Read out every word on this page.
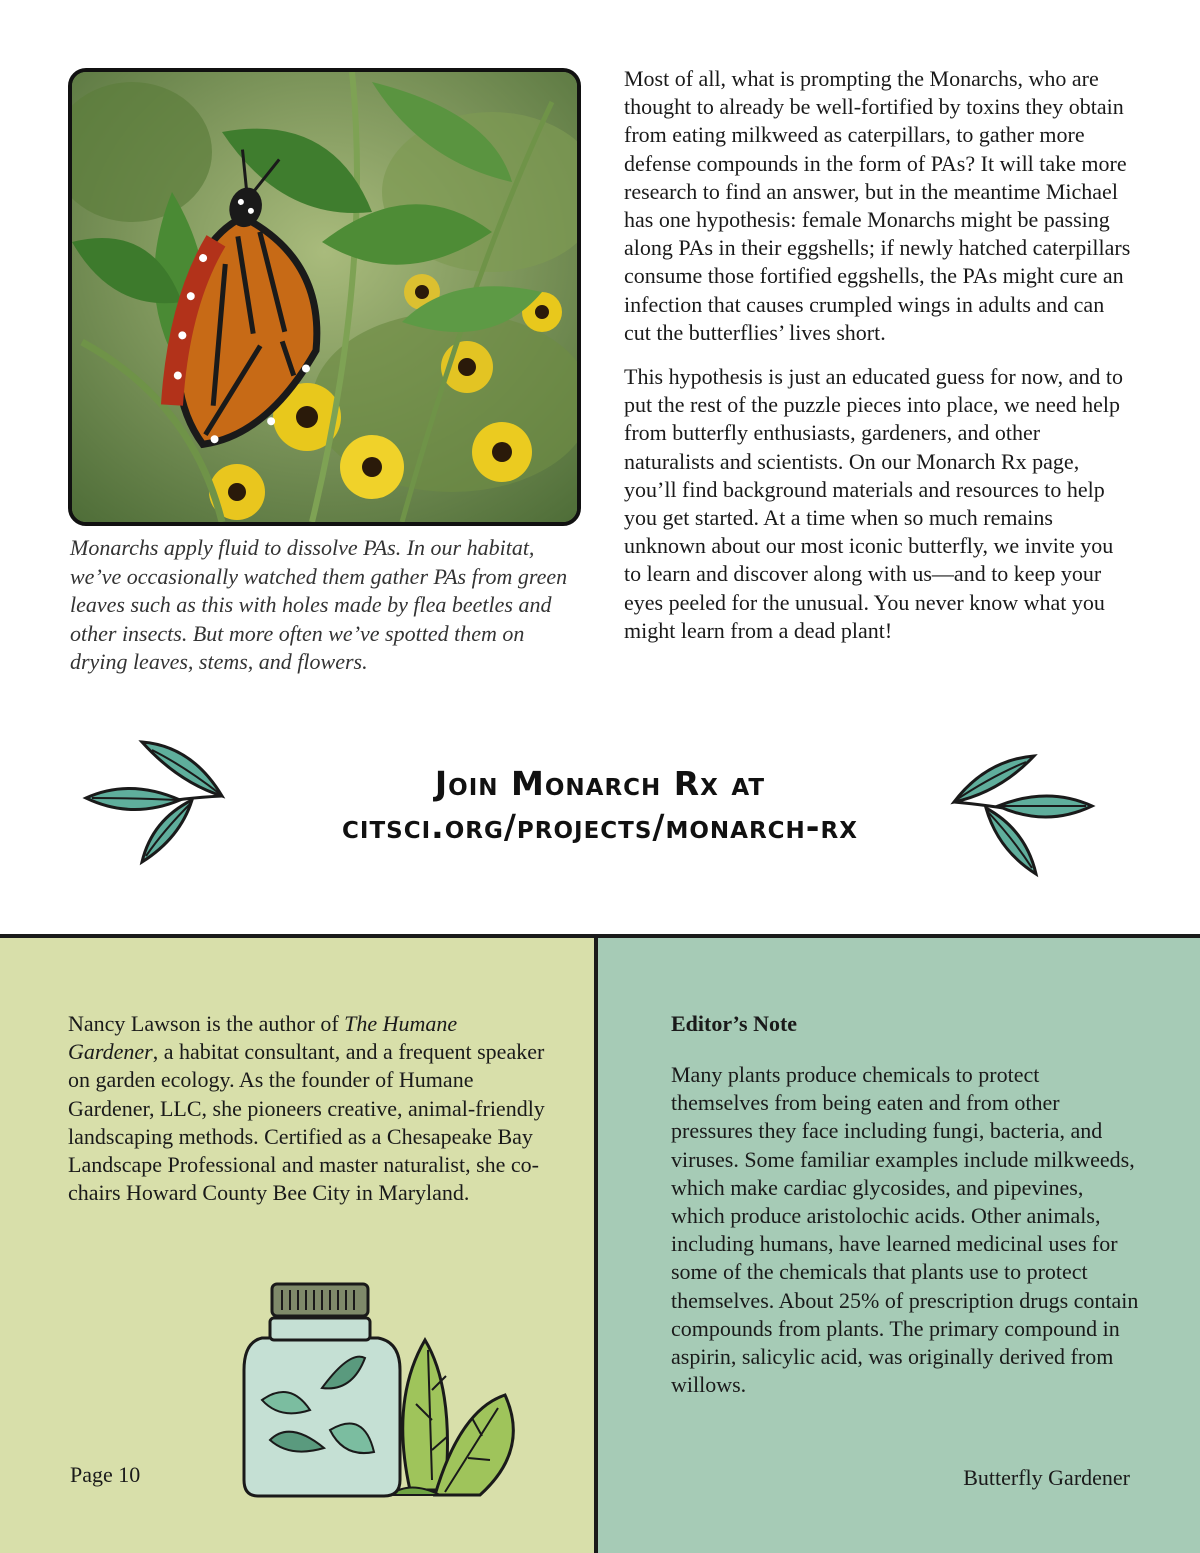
Monarchs apply fluid to dissolve PAs. In our habitat, we’ve occasionally watched them gather PAs from green leaves such as this with holes made by flea beetles and other insects. But more often we’ve spotted them on drying leaves, stems, and flowers.

Most of all, what is prompting the Monarchs, who are thought to already be well-fortified by toxins they obtain from eating milkweed as caterpillars, to gather more defense compounds in the form of PAs? It will take more research to find an answer, but in the meantime Michael has one hypothesis: female Monarchs might be passing along PAs in their eggshells; if newly hatched caterpillars consume those fortified eggshells, the PAs might cure an infection that causes crumpled wings in adults and can cut the butterflies’ lives short.

This hypothesis is just an educated guess for now, and to put the rest of the puzzle pieces into place, we need help from butterfly enthusiasts, gardeners, and other naturalists and scientists. On our Monarch Rx page, you’ll find background materials and resources to help you get started. At a time when so much remains unknown about our most iconic butterfly, we invite you to learn and discover along with us—and to keep your eyes peeled for the unusual. You never know what you might learn from a dead plant!

Join Monarch Rx at
citsci.org/projects/monarch-rx

Nancy Lawson is the author of The Humane Gardener, a habitat consultant, and a frequent speaker on garden ecology. As the founder of Humane Gardener, LLC, she pioneers creative, animal-friendly landscaping methods. Certified as a Chesapeake Bay Landscape Professional and master naturalist, she co-chairs Howard County Bee City in Maryland.

Editor’s Note

Many plants produce chemicals to protect themselves from being eaten and from other pressures they face including fungi, bacteria, and viruses. Some familiar examples include milkweeds, which make cardiac glycosides, and pipevines, which produce aristolochic acids. Other animals, including humans, have learned medicinal uses for some of the chemicals that plants use to protect themselves. About 25% of prescription drugs contain compounds from plants. The primary compound in aspirin, salicylic acid, was originally derived from willows.

Page 10	Butterfly Gardener
